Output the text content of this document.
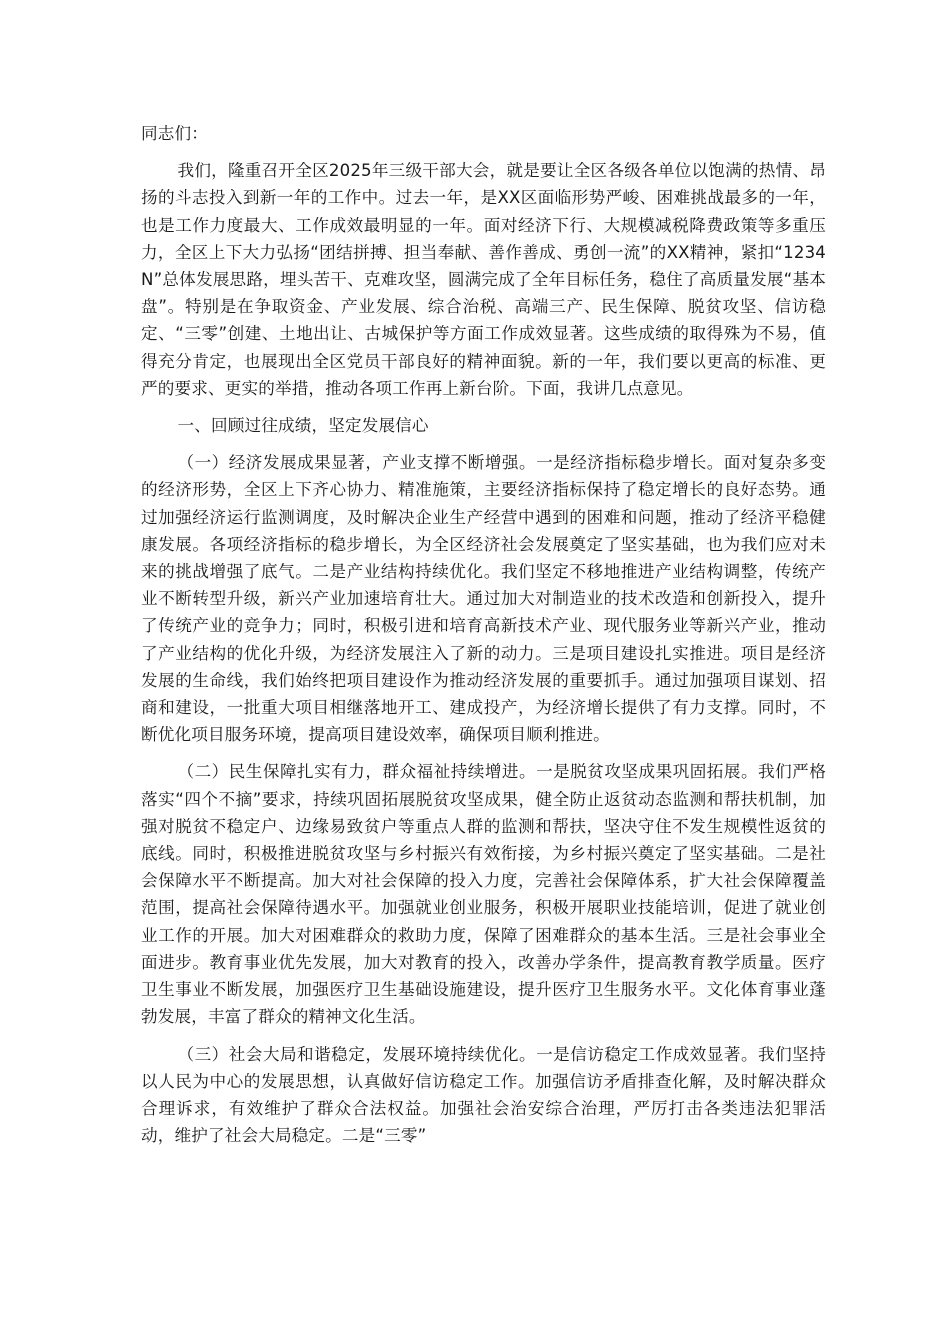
同志们：

我们，隆重召开全区2025年三级干部大会，就是要让全区各级各单位以饱满的热情、昂扬的斗志投入到新一年的工作中。过去一年，是XX区面临形势严峻、困难挑战最多的一年，也是工作力度最大、工作成效最明显的一年。面对经济下行、大规模减税降费政策等多重压力，全区上下大力弘扬“团结拼搏、担当奉献、善作善成、勇创一流”的XX精神，紧扣“1234N”总体发展思路，埋头苦干、克难攻坚，圆满完成了全年目标任务，稳住了高质量发展“基本盘”。特别是在争取资金、产业发展、综合治税、高端三产、民生保障、脱贫攻坚、信访稳定、“三零”创建、土地出让、古城保护等方面工作成效显著。这些成绩的取得殊为不易，值得充分肯定，也展现出全区党员干部良好的精神面貌。新的一年，我们要以更高的标准、更严的要求、更实的举措，推动各项工作再上新台阶。下面，我讲几点意见。

一、回顾过往成绩，坚定发展信心

（一）经济发展成果显著，产业支撑不断增强。一是经济指标稳步增长。面对复杂多变的经济形势，全区上下齐心协力、精准施策，主要经济指标保持了稳定增长的良好态势。通过加强经济运行监测调度，及时解决企业生产经营中遇到的困难和问题，推动了经济平稳健康发展。各项经济指标的稳步增长，为全区经济社会发展奠定了坚实基础，也为我们应对未来的挑战增强了底气。二是产业结构持续优化。我们坚定不移地推进产业结构调整，传统产业不断转型升级，新兴产业加速培育壮大。通过加大对制造业的技术改造和创新投入，提升了传统产业的竞争力；同时，积极引进和培育高新技术产业、现代服务业等新兴产业，推动了产业结构的优化升级，为经济发展注入了新的动力。三是项目建设扎实推进。项目是经济发展的生命线，我们始终把项目建设作为推动经济发展的重要抓手。通过加强项目谋划、招商和建设，一批重大项目相继落地开工、建成投产，为经济增长提供了有力支撑。同时，不断优化项目服务环境，提高项目建设效率，确保项目顺利推进。

（二）民生保障扎实有力，群众福祉持续增进。一是脱贫攻坚成果巩固拓展。我们严格落实“四个不摘”要求，持续巩固拓展脱贫攻坚成果，健全防止返贫动态监测和帮扶机制，加强对脱贫不稳定户、边缘易致贫户等重点人群的监测和帮扶，坚决守住不发生规模性返贫的底线。同时，积极推进脱贫攻坚与乡村振兴有效衔接，为乡村振兴奠定了坚实基础。二是社会保障水平不断提高。加大对社会保障的投入力度，完善社会保障体系，扩大社会保障覆盖范围，提高社会保障待遇水平。加强就业创业服务，积极开展职业技能培训，促进了就业创业工作的开展。加大对困难群众的救助力度，保障了困难群众的基本生活。三是社会事业全面进步。教育事业优先发展，加大对教育的投入，改善办学条件，提高教育教学质量。医疗卫生事业不断发展，加强医疗卫生基础设施建设，提升医疗卫生服务水平。文化体育事业蓬勃发展，丰富了群众的精神文化生活。

（三）社会大局和谐稳定，发展环境持续优化。一是信访稳定工作成效显著。我们坚持以人民为中心的发展思想，认真做好信访稳定工作。加强信访矛盾排查化解，及时解决群众合理诉求，有效维护了群众合法权益。加强社会治安综合治理，严厉打击各类违法犯罪活动，维护了社会大局稳定。二是“三零”
